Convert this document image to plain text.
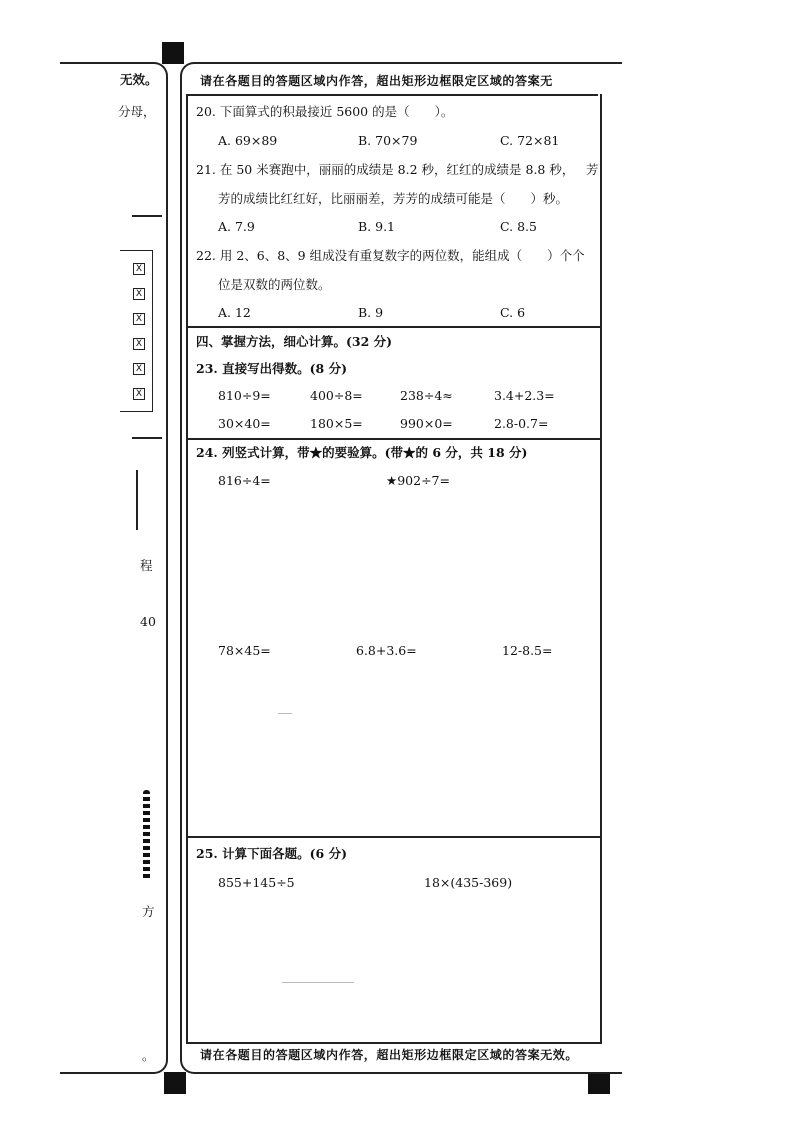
无效。
分母，
X
X
X
X
X
X
程
40
方
。
请在各题目的答题区域内作答，超出矩形边框限定区域的答案无
20. 下面算式的积最接近 5600 的是（　　）。
A. 69×89	B. 70×79	C. 72×81
21. 在 50 米赛跑中，丽丽的成绩是 8.2 秒，红红的成绩是 8.8 秒， 芳
芳的成绩比红红好，比丽丽差，芳芳的成绩可能是（　　）秒。
A. 7.9	B. 9.1	C. 8.5
22. 用 2、6、8、9 组成没有重复数字的两位数，能组成（　　）个个
位是双数的两位数。
A. 12	B. 9	C. 6
四、掌握方法，细心计算。(32 分)
23. 直接写出得数。(8 分)
810÷9=	400÷8=	238÷4≈	3.4+2.3=
30×40=	180×5=	990×0=	2.8-0.7=
24. 列竖式计算，带★的要验算。(带★的 6 分，共 18 分)
816÷4=	★902÷7=
78×45=	6.8+3.6=	12-8.5=
25. 计算下面各题。(6 分)
855+145÷5	18×(435-369)
请在各题目的答题区域内作答，超出矩形边框限定区域的答案无效。
